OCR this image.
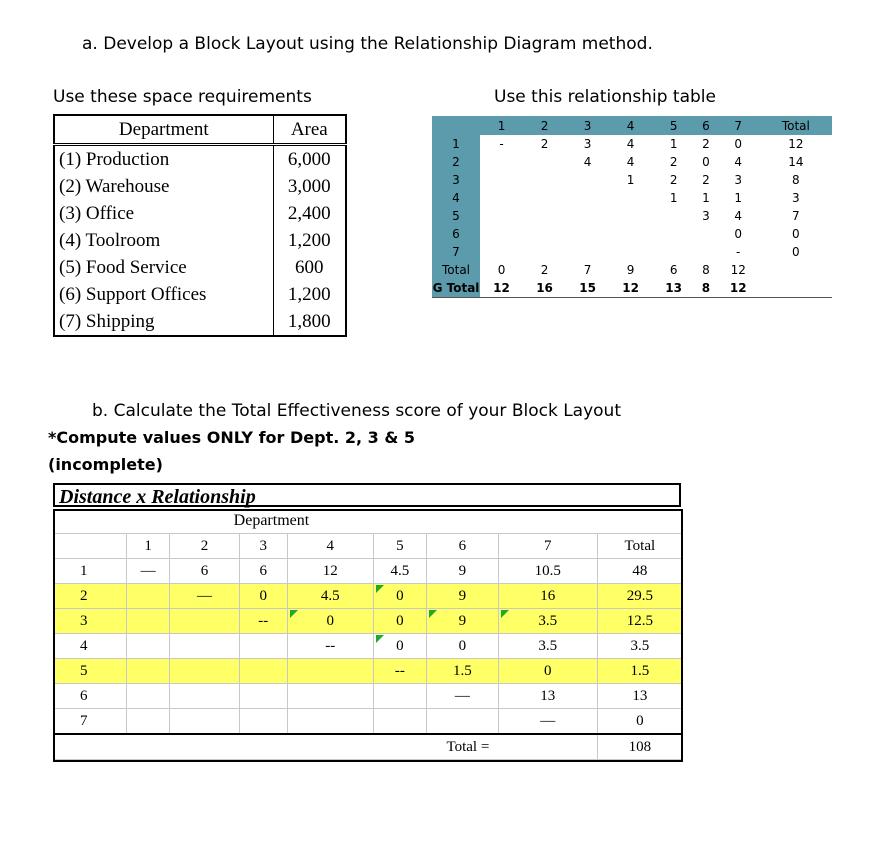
a. Develop a Block Layout using the Relationship Diagram method.
Use these space requirements	Use this relationship table
Department	Area
(1) Production	6,000
(2) Warehouse	3,000
(3) Office	2,400
(4) Toolroom	1,200
(5) Food Service	600
(6) Support Offices	1,200
(7) Shipping	1,800
	1	2	3	4	5	6	7	Total
1	-	2	3	4	1	2	0	12
2			4	4	2	0	4	14
3				1	2	2	3	8
4					1	1	1	3
5						3	4	7
6							0	0
7							-	0
Total	0	2	7	9	6	8	12	
G Total	12	16	15	12	13	8	12	
b. Calculate the Total Effectiveness score of your Block Layout
*Compute values ONLY for Dept. 2, 3 & 5
(incomplete)
Distance x Relationship
		Department						
	1	2	3	4	5	6	7	Total
1	—	6	6	12	4.5	9	10.5	48
2		—	0	4.5	0	9	16	29.5
3			--	0	0	9	3.5	12.5
4				--	0	0	3.5	3.5
5					--	1.5	0	1.5
6						—	13	13
7							—	0
						Total =		108
